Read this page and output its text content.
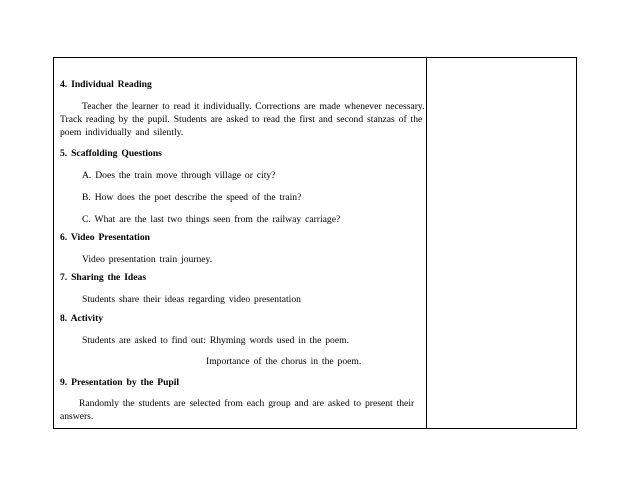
4. Individual Reading
Teacher the learner to read it individually. Corrections are made whenever necessary.
Track reading by the pupil. Students are asked to read the first and second stanzas of the
poem individually and silently.
5. Scaffolding Questions
A. Does the train move through village or city?
B. How does the poet describe the speed of the train?
C. What are the last two things seen from the railway carriage?
6. Video Presentation
Video presentation train journey.
7. Sharing the Ideas
Students share their ideas regarding video presentation
8. Activity
Students are asked to find out: Rhyming words used in the poem.
Importance of the chorus in the poem.
9. Presentation by the Pupil
Randomly the students are selected from each group and are asked to present their
answers.
